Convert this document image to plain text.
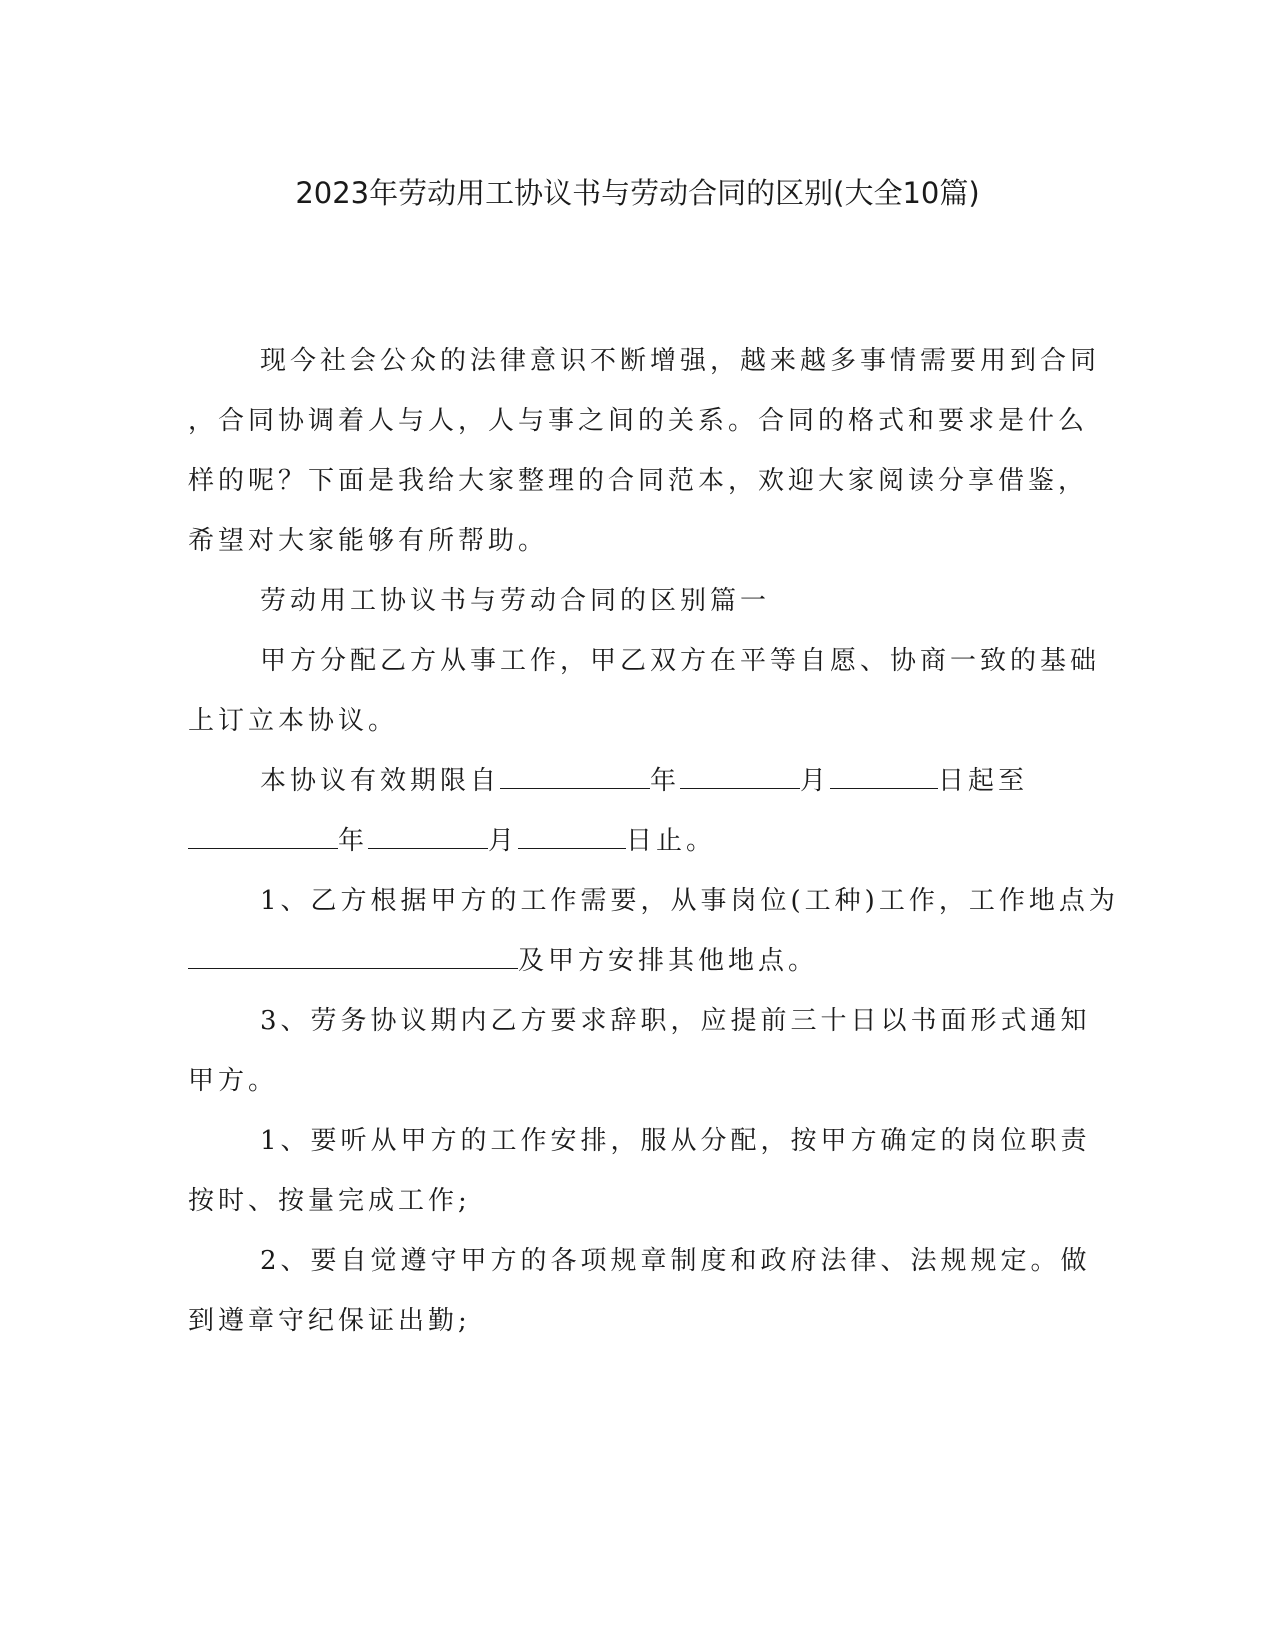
2023年劳动用工协议书与劳动合同的区别(大全10篇)
现今社会公众的法律意识不断增强，越来越多事情需要用到合同
，合同协调着人与人，人与事之间的关系。合同的格式和要求是什么
样的呢？下面是我给大家整理的合同范本，欢迎大家阅读分享借鉴，
希望对大家能够有所帮助。
劳动用工协议书与劳动合同的区别篇一
甲方分配乙方从事工作，甲乙双方在平等自愿、协商一致的基础
上订立本协议。
本协议有效期限自	年	月	日起至
年	月	日止。
1、乙方根据甲方的工作需要，从事岗位(工种)工作，工作地点为
及甲方安排其他地点。
3、劳务协议期内乙方要求辞职，应提前三十日以书面形式通知
甲方。
1、要听从甲方的工作安排，服从分配，按甲方确定的岗位职责
按时、按量完成工作;
2、要自觉遵守甲方的各项规章制度和政府法律、法规规定。做
到遵章守纪保证出勤;
